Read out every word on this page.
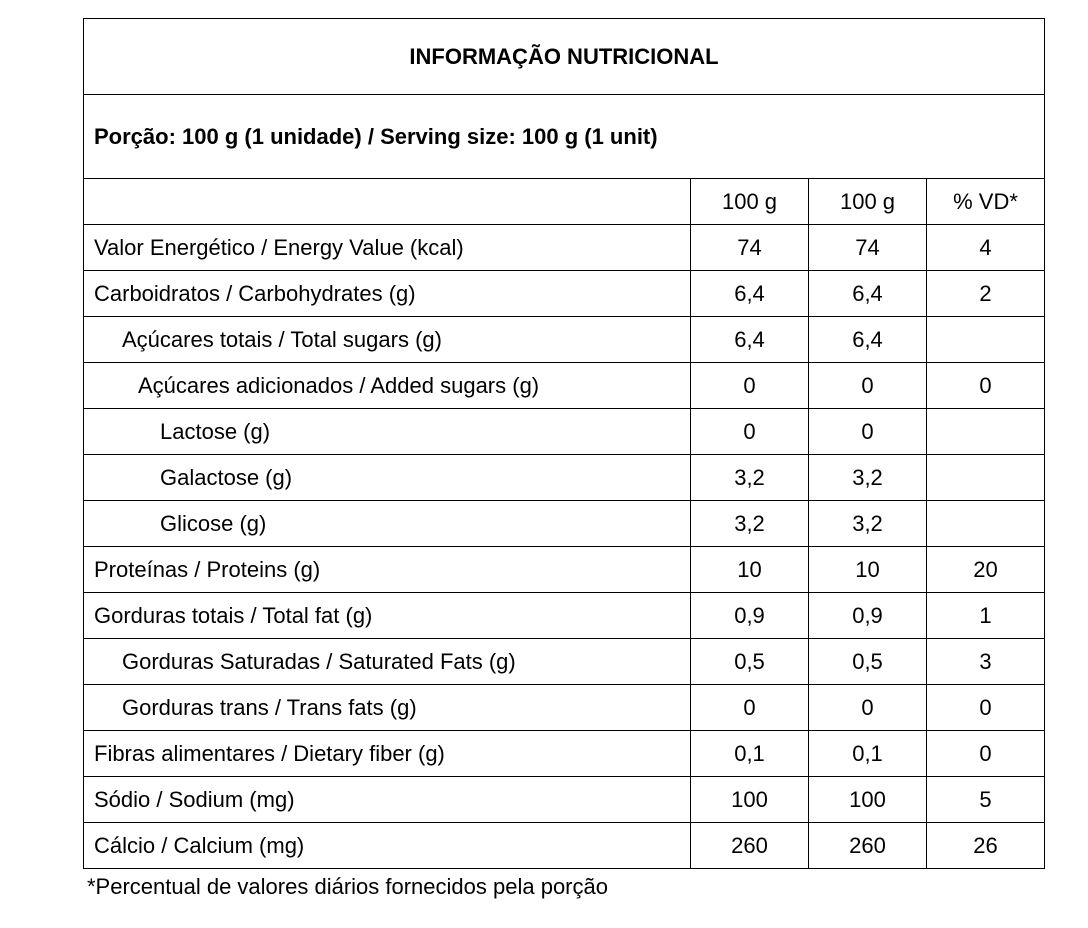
INFORMAÇÃO NUTRICIONAL			
Porção: 100 g (1 unidade) / Serving size: 100 g (1 unit)			
	100 g	100 g	% VD*
Valor Energético / Energy Value (kcal)	74	74	4
Carboidratos / Carbohydrates (g)	6,4	6,4	2
Açúcares totais / Total sugars (g)	6,4	6,4	
Açúcares adicionados / Added sugars (g)	0	0	0
Lactose (g)	0	0	
Galactose (g)	3,2	3,2	
Glicose (g)	3,2	3,2	
Proteínas / Proteins (g)	10	10	20
Gorduras totais / Total fat (g)	0,9	0,9	1
Gorduras Saturadas / Saturated Fats (g)	0,5	0,5	3
Gorduras trans / Trans fats (g)	0	0	0
Fibras alimentares / Dietary fiber (g)	0,1	0,1	0
Sódio / Sodium (mg)	100	100	5
Cálcio / Calcium (mg)	260	260	26
*Percentual de valores diários fornecidos pela porção
